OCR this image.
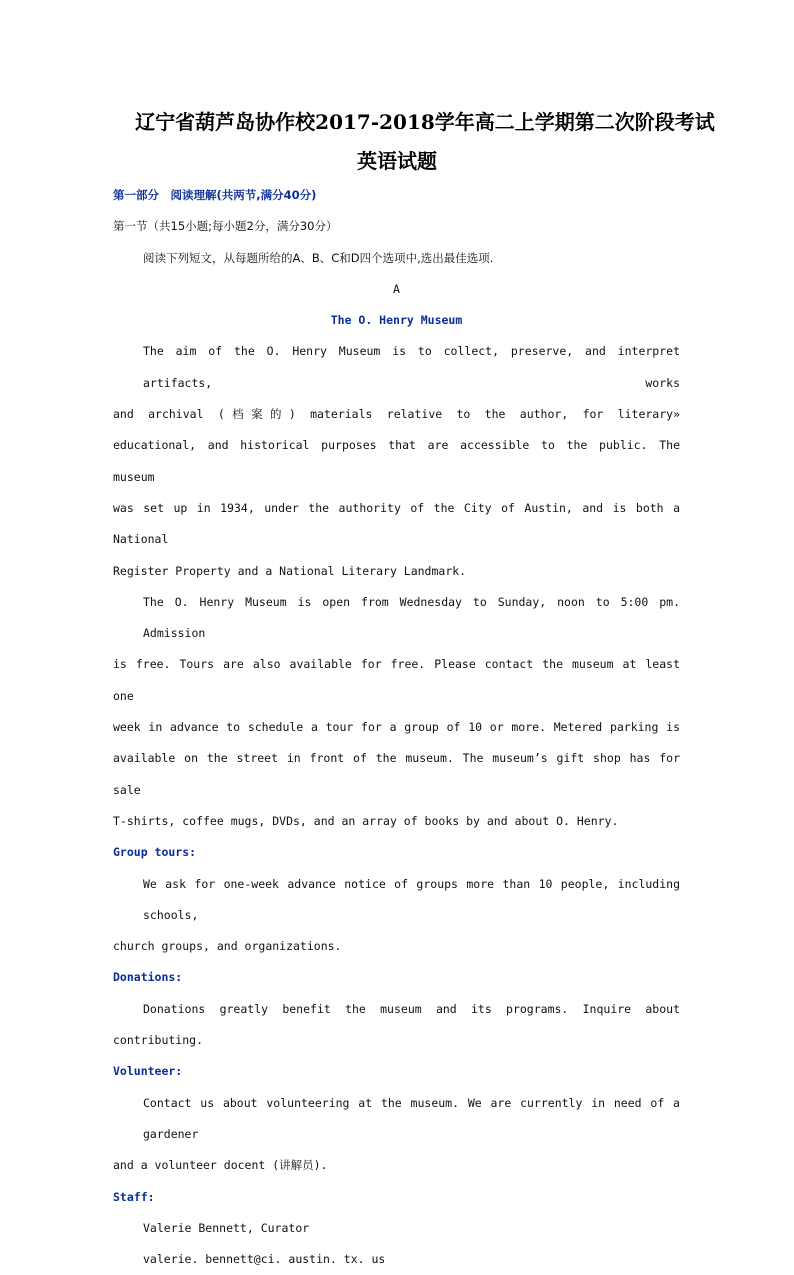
辽宁省葫芦岛协作校2017-2018学年高二上学期第二次阶段考试
英语试题
第一部分　阅读理解(共两节,满分40分)
第一节（共15小题;每小题2分，满分30分）
阅读下列短文，从每题所给的A、B、C和D四个选项中,选出最佳选项.
A
The O. Henry Museum
The aim of the O. Henry Museum is to collect, preserve, and interpret artifacts, works
and archival (档案的) materials relative to the author, for literary»
educational, and historical purposes that are accessible to the public. The museum
was set up in 1934, under the authority of the City of Austin, and is both a National
Register Property and a National Literary Landmark.
The O. Henry Museum is open from Wednesday to Sunday, noon to 5:00 pm. Admission
is free. Tours are also available for free. Please contact the museum at least one
week in advance to schedule a tour for a group of 10 or more. Metered parking is
available on the street in front of the museum. The museum’s gift shop has for sale
T-shirts, coffee mugs, DVDs, and an array of books by and about O. Henry.
Group tours:
We ask for one-week advance notice of groups more than 10 people, including schools,
church groups, and organizations.
Donations:
Donations greatly benefit the museum and its programs. Inquire about
contributing.
Volunteer:
Contact us about volunteering at the museum. We are currently in need of a gardener
and a volunteer docent (讲解员).
Staff:
Valerie Bennett, Curator
valerie. bennett@ci. austin. tx. us
